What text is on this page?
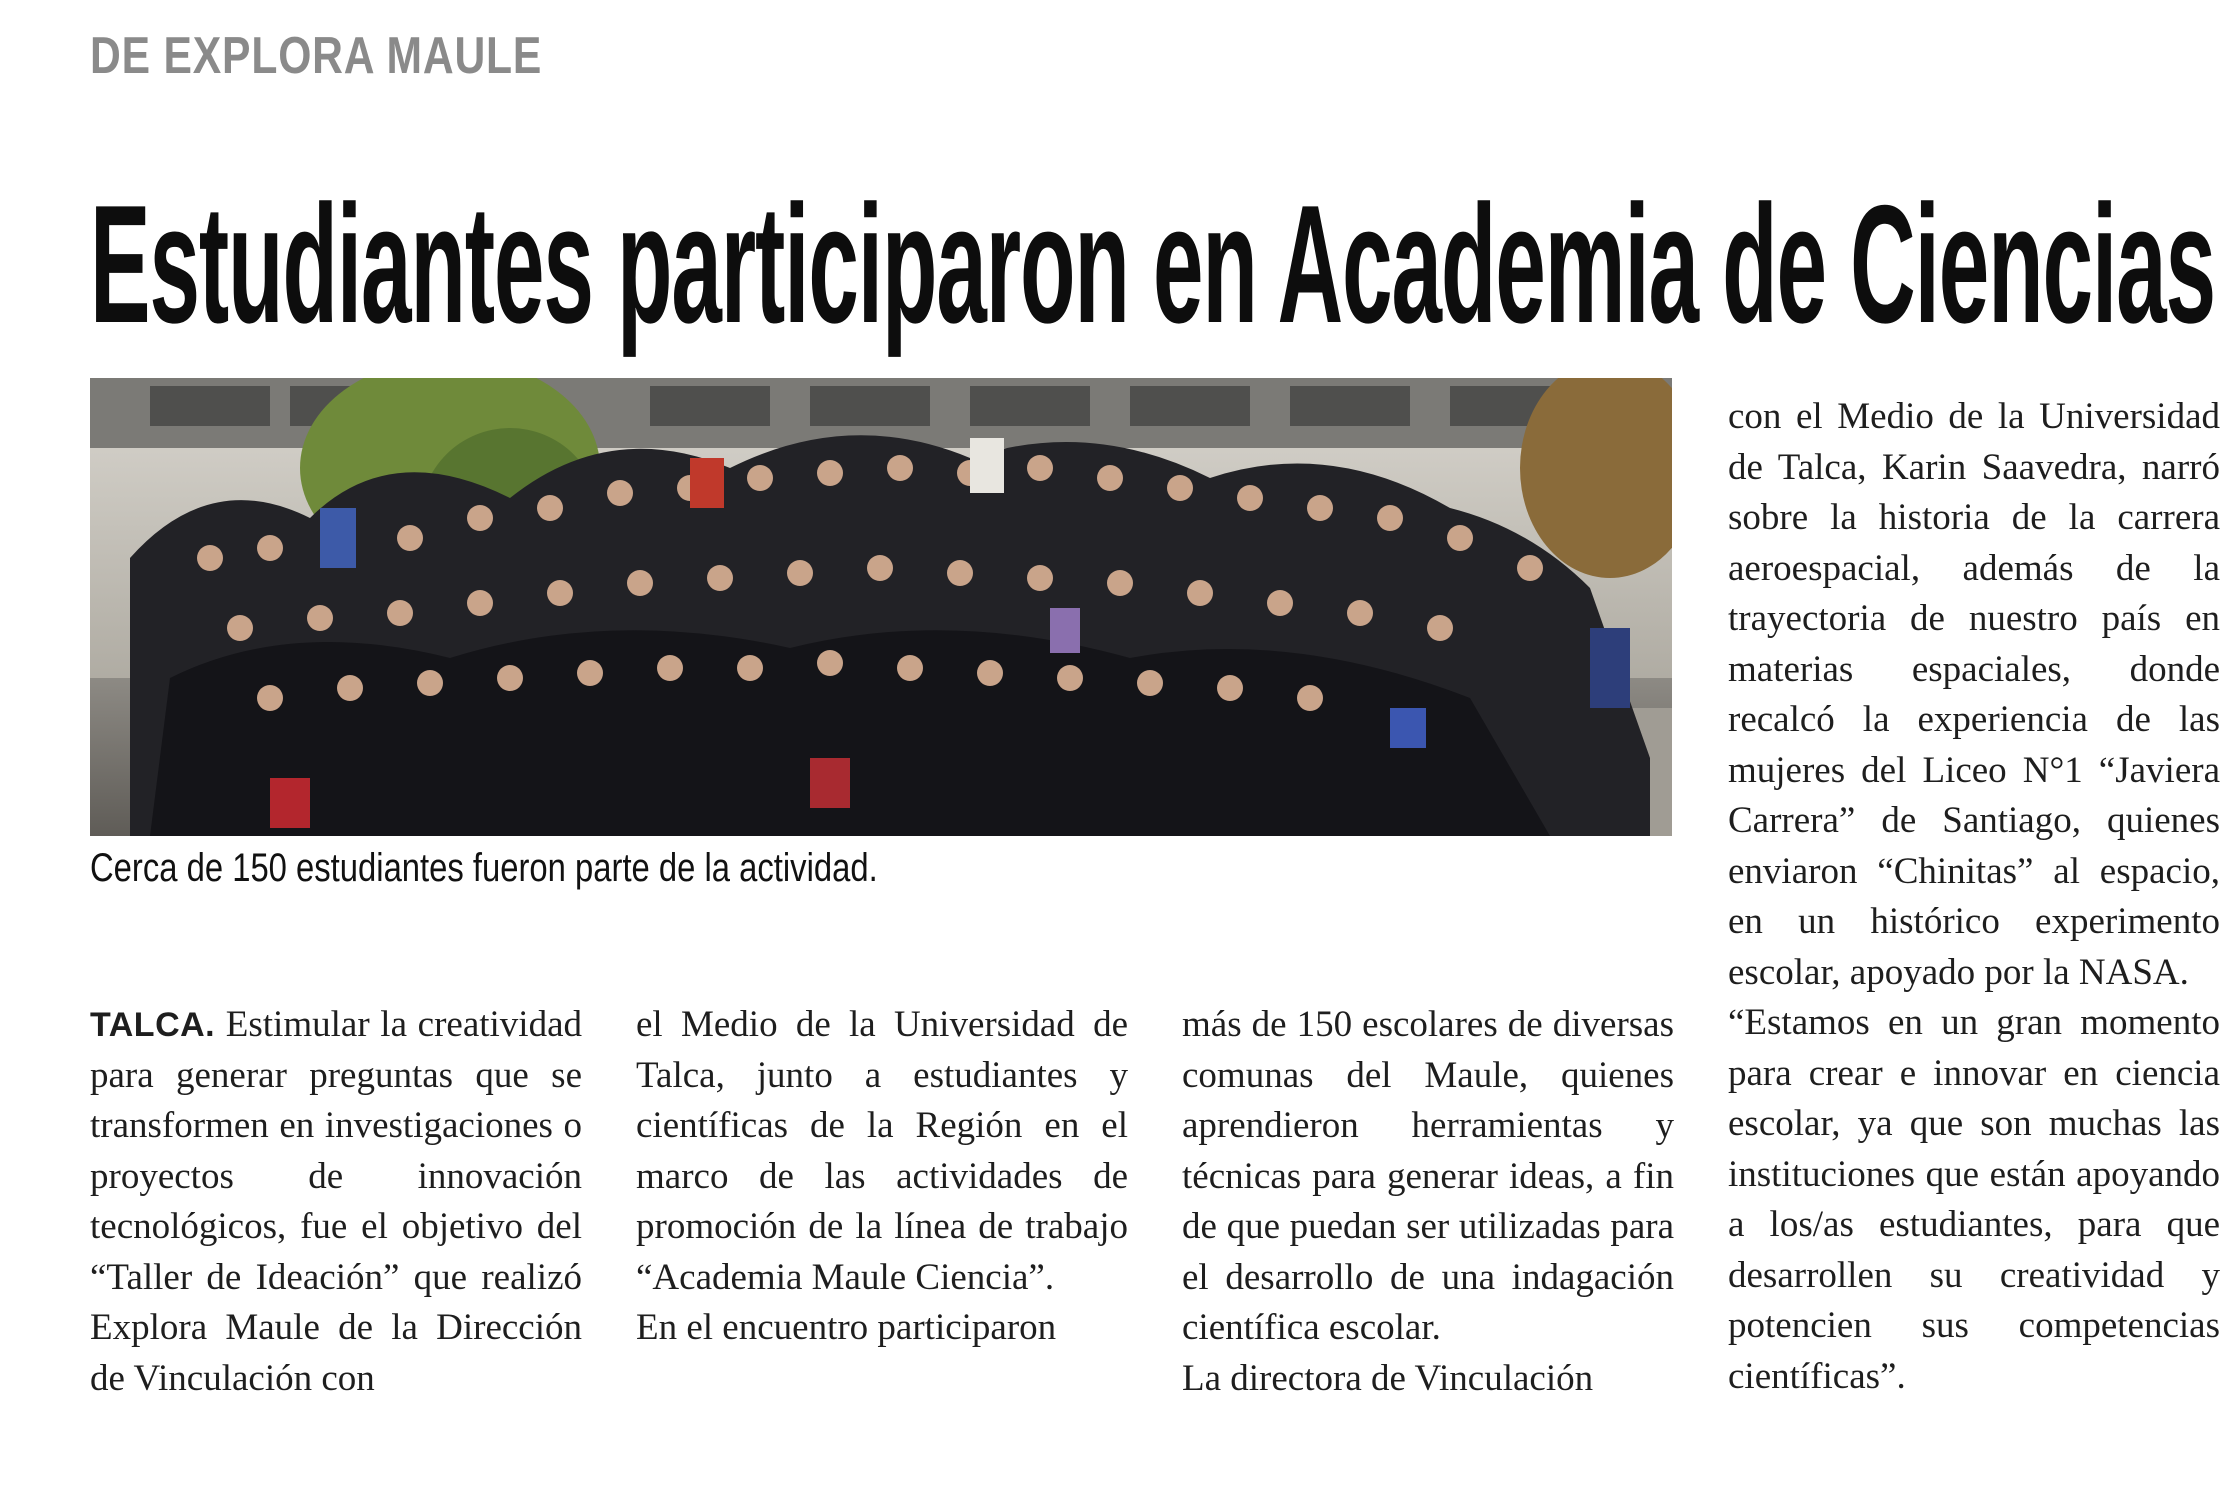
DE EXPLORA MAULE
Estudiantes participaron en Academia de Ciencias
Cerca de 150 estudiantes fueron parte de la actividad.

TALCA. Estimular la creatividad para generar preguntas que se transformen en investigaciones o proyectos de innovación tecnológicos, fue el objetivo del “Taller de Ideación” que realizó Explora Maule de la Dirección de Vinculación con

el Medio de la Universidad de Talca, junto a estudiantes y científicas de la Región en el marco de las actividades de promoción de la línea de trabajo “Academia Maule Ciencia”.

En el encuentro participaron

más de 150 escolares de diversas comunas del Maule, quienes aprendieron herramientas y técnicas para generar ideas, a fin de que puedan ser utilizadas para el desarrollo de una indagación científica escolar.

La directora de Vinculación

con el Medio de la Universidad de Talca, Karin Saavedra, narró sobre la historia de la carrera aeroespacial, además de la trayectoria de nuestro país en materias espaciales, donde recalcó la experiencia de las mujeres del Liceo N°1 “Javiera Carrera” de Santiago, quienes enviaron “Chinitas” al espacio, en un histórico experimento escolar, apoyado por la NASA.

“Estamos en un gran momento para crear e innovar en ciencia escolar, ya que son muchas las instituciones que están apoyando a los/as estudiantes, para que desarrollen su creatividad y potencien sus competencias científicas”.
